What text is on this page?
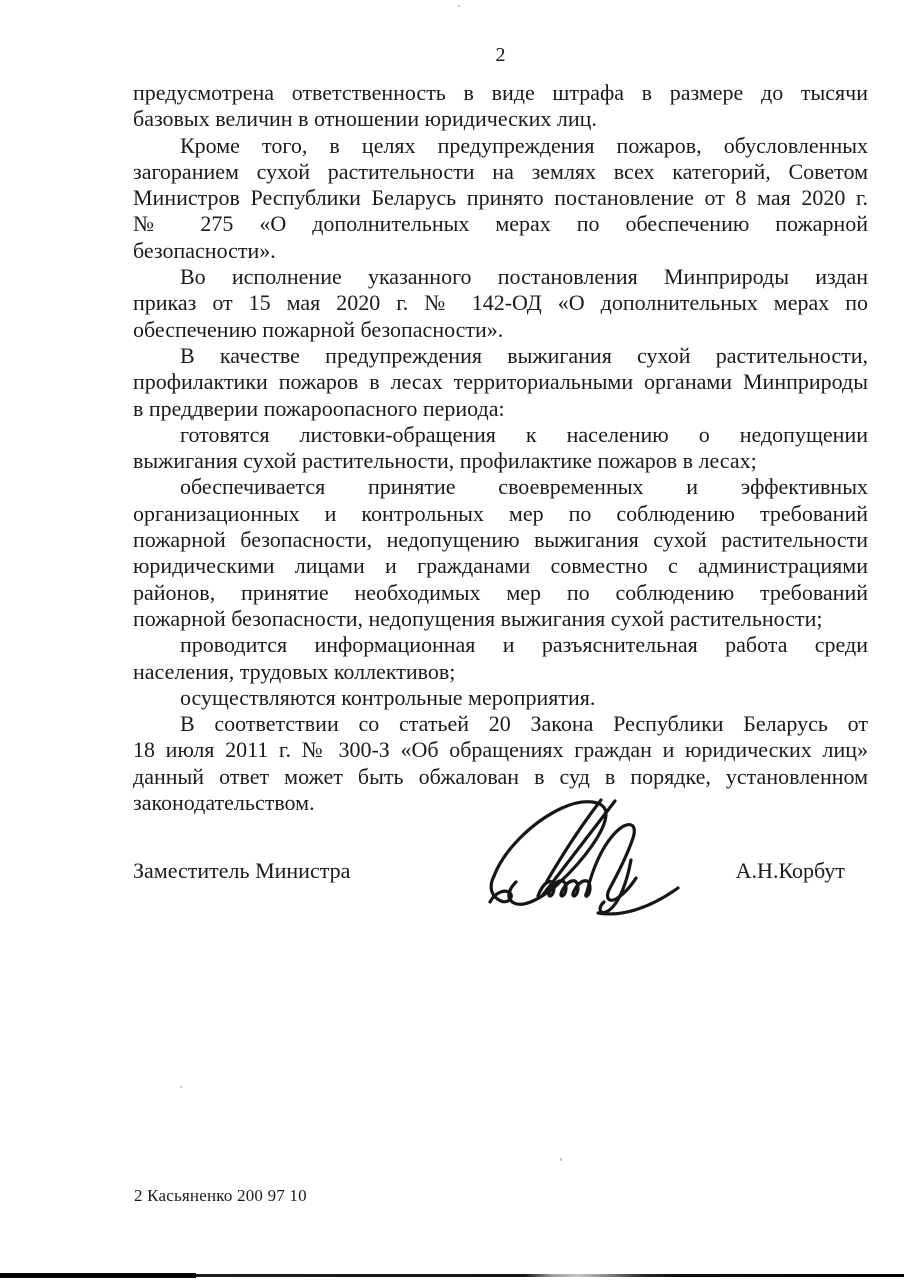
2
предусмотрена ответственность в виде штрафа в размере до тысячи
базовых величин в отношении юридических лиц.
Кроме того, в целях предупреждения пожаров, обусловленных
загоранием сухой растительности на землях всех категорий, Советом
Министров Республики Беларусь принято постановление от 8 мая 2020 г.
№ 275 «О дополнительных мерах по обеспечению пожарной
безопасности».
Во исполнение указанного постановления Минприроды издан
приказ от 15 мая 2020 г. № 142-ОД «О дополнительных мерах по
обеспечению пожарной безопасности».
В качестве предупреждения выжигания сухой растительности,
профилактики пожаров в лесах территориальными органами Минприроды
в преддверии пожароопасного периода:
готовятся листовки-обращения к населению о недопущении
выжигания сухой растительности, профилактике пожаров в лесах;
обеспечивается принятие своевременных и эффективных
организационных и контрольных мер по соблюдению требований
пожарной безопасности, недопущению выжигания сухой растительности
юридическими лицами и гражданами совместно с администрациями
районов, принятие необходимых мер по соблюдению требований
пожарной безопасности, недопущения выжигания сухой растительности;
проводится информационная и разъяснительная работа среди
населения, трудовых коллективов;
осуществляются контрольные мероприятия.
В соответствии со статьей 20 Закона Республики Беларусь от
18 июля 2011 г. № 300-З «Об обращениях граждан и юридических лиц»
данный ответ может быть обжалован в суд в порядке, установленном
законодательством.
Заместитель Министра	А.Н.Корбут
2 Касьяненко 200 97 10
